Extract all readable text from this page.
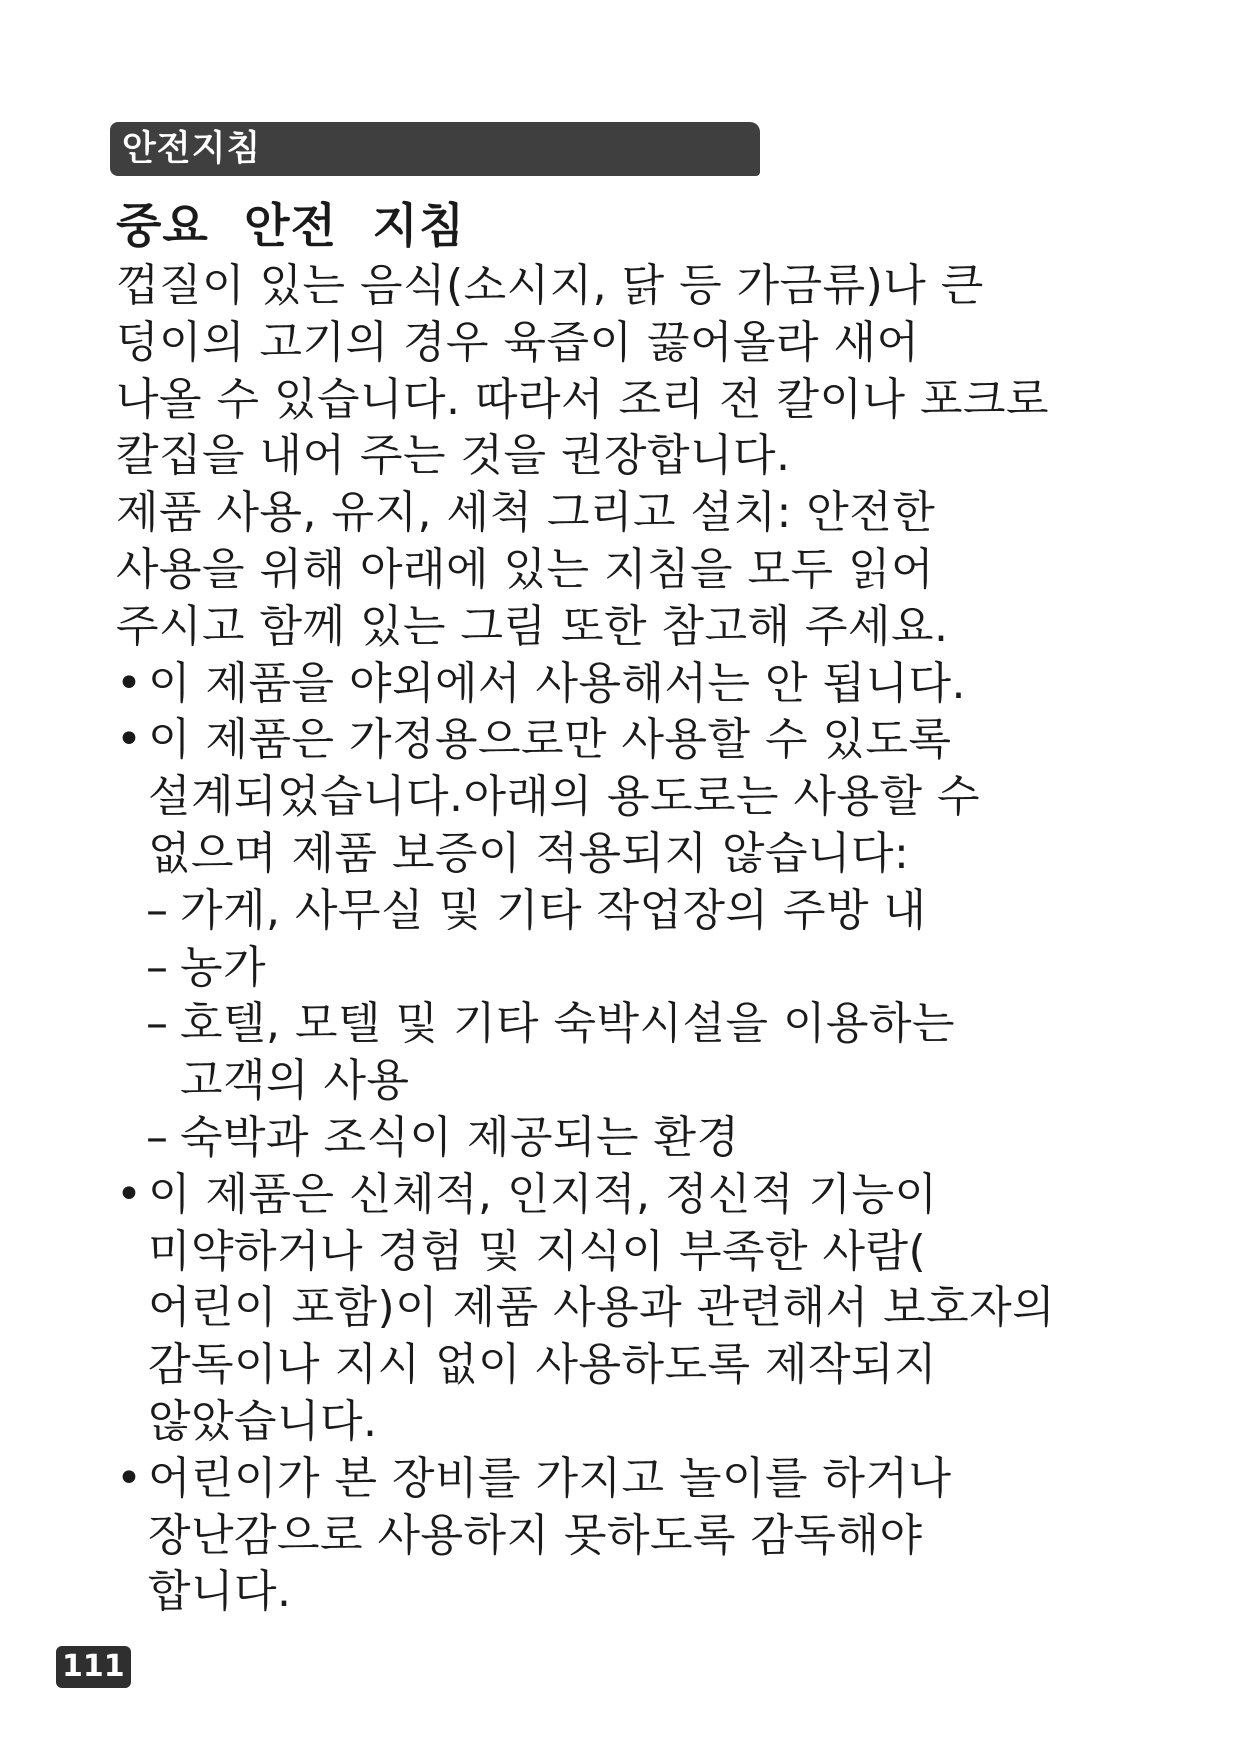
안전지침
중요 안전 지침
껍질이 있는 음식(소시지, 닭 등 가금류)나 큰
덩이의 고기의 경우 육즙이 끓어올라 새어
나올 수 있습니다. 따라서 조리 전 칼이나 포크로
칼집을 내어 주는 것을 권장합니다.
제품 사용, 유지, 세척 그리고 설치: 안전한
사용을 위해 아래에 있는 지침을 모두 읽어
주시고 함께 있는 그림 또한 참고해 주세요.
• 이 제품을 야외에서 사용해서는 안 됩니다.
• 이 제품은 가정용으로만 사용할 수 있도록
설계되었습니다.아래의 용도로는 사용할 수
없으며 제품 보증이 적용되지 않습니다:
– 가게, 사무실 및 기타 작업장의 주방 내
– 농가
– 호텔, 모텔 및 기타 숙박시설을 이용하는
고객의 사용
– 숙박과 조식이 제공되는 환경
• 이 제품은 신체적, 인지적, 정신적 기능이
미약하거나 경험 및 지식이 부족한 사람(
어린이 포함)이 제품 사용과 관련해서 보호자의
감독이나 지시 없이 사용하도록 제작되지
않았습니다.
• 어린이가 본 장비를 가지고 놀이를 하거나
장난감으로 사용하지 못하도록 감독해야
합니다.
111
